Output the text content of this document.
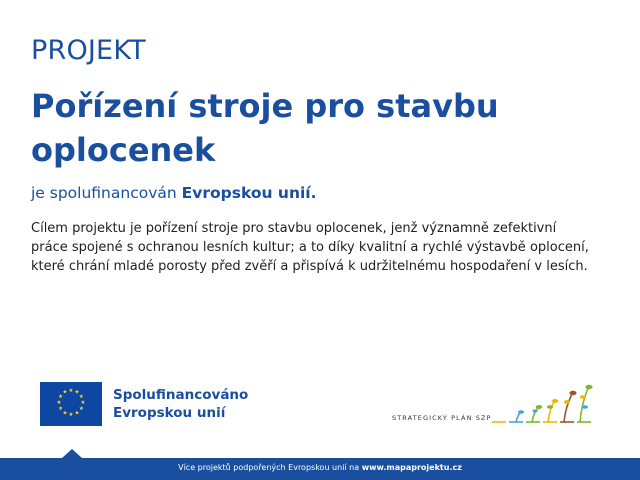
PROJEKT
Pořízení stroje pro stavbu oplocenek
je spolufinancován Evropskou unií.
Cílem projektu je pořízení stroje pro stavbu oplocenek, jenž významně zefektivní práce spojené s ochranou lesních kultur; a to díky kvalitní a rychlé výstavbě oplocení, které chrání mladé porosty před zvěří a přispívá k udržitelnému hospodaření v lesích.
★ ★
★
★
★
★
★
★
★
★
★
★	Spolufinancováno
Evropskou unií	STRATEGICKÝ PLÁN SZP
Více projektů podpořených Evropskou unií na www.mapaprojektu.cz
